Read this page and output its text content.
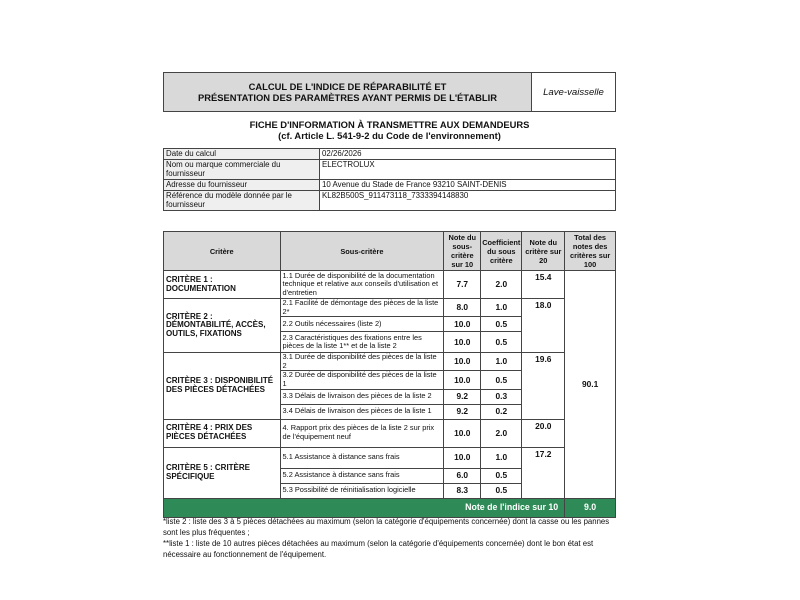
CALCUL DE L'INDICE DE RÉPARABILITÉ ET
PRÉSENTATION DES PARAMÈTRES AYANT PERMIS DE L'ÉTABLIR	Lave-vaisselle
FICHE D'INFORMATION À TRANSMETTRE AUX DEMANDEURS
(cf. Article L. 541-9-2 du Code de l'environnement)
Date du calcul	02/26/2026
Nom ou marque commerciale du fournisseur	ELECTROLUX
Adresse du fournisseur	10 Avenue du Stade de France 93210 SAINT-DENIS
Référence du modèle donnée par le fournisseur	KL82B500S_911473118_7333394148830
Critère	Sous-critère	Note du sous-critère sur 10	Coefficient du sous critère	Note du critère sur 20	Total des notes des critères sur 100
CRITÈRE 1 : DOCUMENTATION	1.1 Durée de disponibilité de la documentation technique et relative aux conseils d'utilisation et d'entretien	7.7	2.0	15.4	90.1
CRITÈRE 2 : DÉMONTABILITÉ, ACCÈS, OUTILS, FIXATIONS	2.1 Facilité de démontage des pièces de la liste 2*	8.0	1.0	18.0	
	2.2 Outils nécessaires (liste 2)	10.0	0.5		
	2.3 Caractéristiques des fixations entre les pièces de la liste 1** et de la liste 2	10.0	0.5		
CRITÈRE 3 : DISPONIBILITÉ DES PIÈCES DÉTACHÉES	3.1 Durée de disponibilité des pièces de la liste 2	10.0	1.0	19.6	
	3.2 Durée de disponibilité des pièces de la liste 1	10.0	0.5		
	3.3 Délais de livraison des pièces de la liste 2	9.2	0.3		
	3.4 Délais de livraison des pièces de la liste 1	9.2	0.2		
CRITÈRE 4 : PRIX DES PIÈCES DÉTACHÉES	4. Rapport prix des pièces de la liste 2 sur prix de l'équipement neuf	10.0	2.0	20.0	
CRITÈRE 5 : CRITÈRE SPÉCIFIQUE	5.1 Assistance à distance sans frais	10.0	1.0	17.2	
	5.2 Assistance à distance sans frais	6.0	0.5		
	5.3 Possibilité de réinitialisation logicielle	8.3	0.5		
Note de l'indice sur 10					9.0
*liste 2 : liste des 3 à 5 pièces détachées au maximum (selon la catégorie d'équipements concernée) dont la casse ou les pannes sont les plus fréquentes ;
**liste 1 : liste de 10 autres pièces détachées au maximum (selon la catégorie d'équipements concernée) dont le bon état est nécessaire au fonctionnement de l'équipement.
